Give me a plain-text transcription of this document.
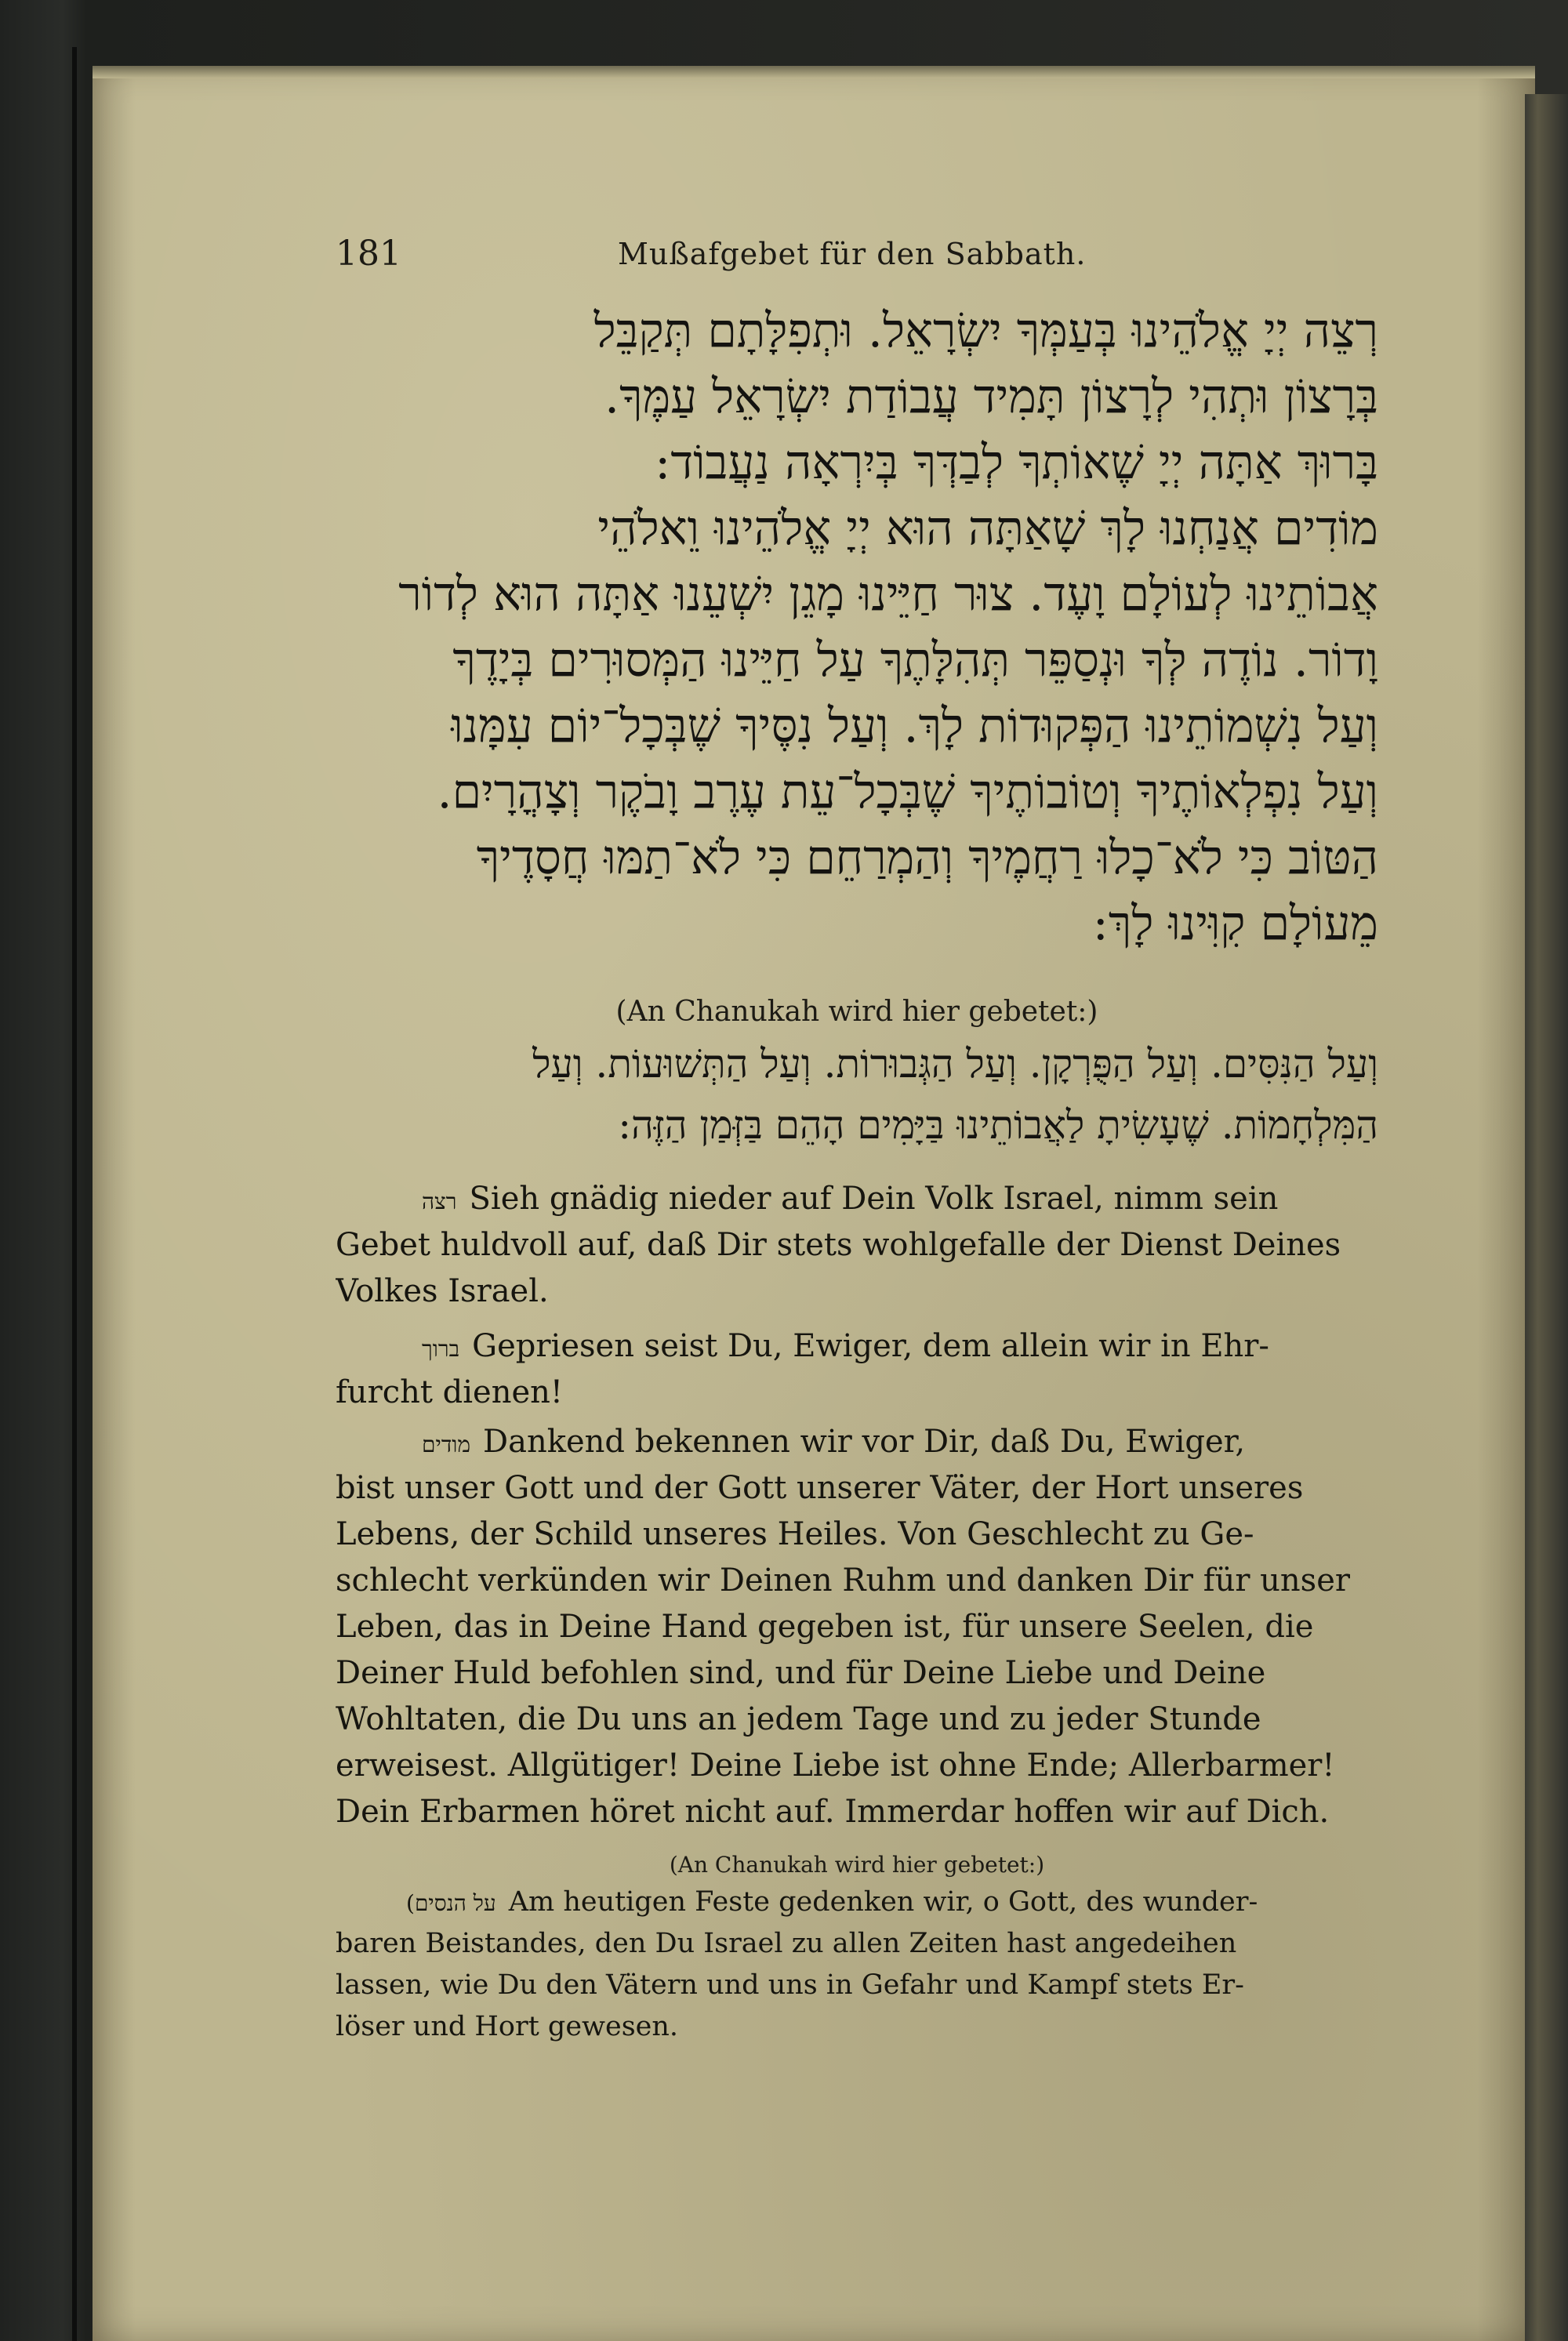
181	Mußafgebet für den Sabbath.
רְצֵה יְיָ אֱלֹהֵינוּ בְּעַמְּךָ יִשְׂרָאֵל. וּתְפִלָּתָם תְּקַבֵּל
בְּרָצוֹן וּתְהִי לְרָצוֹן תָּמִיד עֲבוֹדַת יִשְׂרָאֵל עַמֶּךָ.
בָּרוּךְ אַתָּה יְיָ שֶׁאוֹתְךָ לְבַדְּךָ בְּיִרְאָה נַעֲבוֹד:
מוֹדִים אֲנַחְנוּ לָךְ שָׁאַתָּה הוּא יְיָ אֱלֹהֵינוּ וֵאלֹהֵי
אֲבוֹתֵינוּ לְעוֹלָם וָעֶד. צוּר חַיֵּינוּ מָגֵן יִשְׁעֵנוּ אַתָּה הוּא לְדוֹר
וָדוֹר. נוֹדֶה לְּךָ וּנְסַפֵּר תְּהִלָּתֶךָ עַל חַיֵּינוּ הַמְּסוּרִים בְּיָדֶךָ
וְעַל נִשְׁמוֹתֵינוּ הַפְּקוּדוֹת לָךְ. וְעַל נִסֶּיךָ שֶׁבְּכָל־יוֹם עִמָּנוּ
וְעַל נִפְלְאוֹתֶיךָ וְטוֹבוֹתֶיךָ שֶׁבְּכָל־עֵת עֶרֶב וָבֹקֶר וְצָהֳרָיִם.
הַטּוֹב כִּי לֹא־כָלוּ רַחֲמֶיךָ וְהַמְרַחֵם כִּי לֹא־תַמּוּ חֲסָדֶיךָ
מֵעוֹלָם קִוִּינוּ לָךְ:
(An Chanukah wird hier gebetet:)
וְעַל הַנִּסִּים. וְעַל הַפֻּרְקָן. וְעַל הַגְּבוּרוֹת. וְעַל הַתְּשׁוּעוֹת. וְעַל
הַמִּלְחָמוֹת. שֶׁעָשִׂיתָ לַאֲבוֹתֵינוּ בַּיָּמִים הָהֵם בַּזְּמַן הַזֶּה:
רצה Sieh gnädig nieder auf Dein Volk Israel, nimm sein
Gebet huldvoll auf, daß Dir stets wohlgefalle der Dienst Deines
Volkes Israel.
ברוך Gepriesen seist Du, Ewiger, dem allein wir in Ehr-
furcht dienen!
מודים Dankend bekennen wir vor Dir, daß Du, Ewiger,
bist unser Gott und der Gott unserer Väter, der Hort unseres
Lebens, der Schild unseres Heiles. Von Geschlecht zu Ge-
schlecht verkünden wir Deinen Ruhm und danken Dir für unser
Leben, das in Deine Hand gegeben ist, für unsere Seelen, die
Deiner Huld befohlen sind, und für Deine Liebe und Deine
Wohltaten, die Du uns an jedem Tage und zu jeder Stunde
erweisest. Allgütiger! Deine Liebe ist ohne Ende; Allerbarmer!
Dein Erbarmen höret nicht auf. Immerdar hoffen wir auf Dich.
(An Chanukah wird hier gebetet:)
(על הנסים Am heutigen Feste gedenken wir, o Gott, des wunder-
baren Beistandes, den Du Israel zu allen Zeiten hast angedeihen
lassen, wie Du den Vätern und uns in Gefahr und Kampf stets Er-
löser und Hort gewesen.
